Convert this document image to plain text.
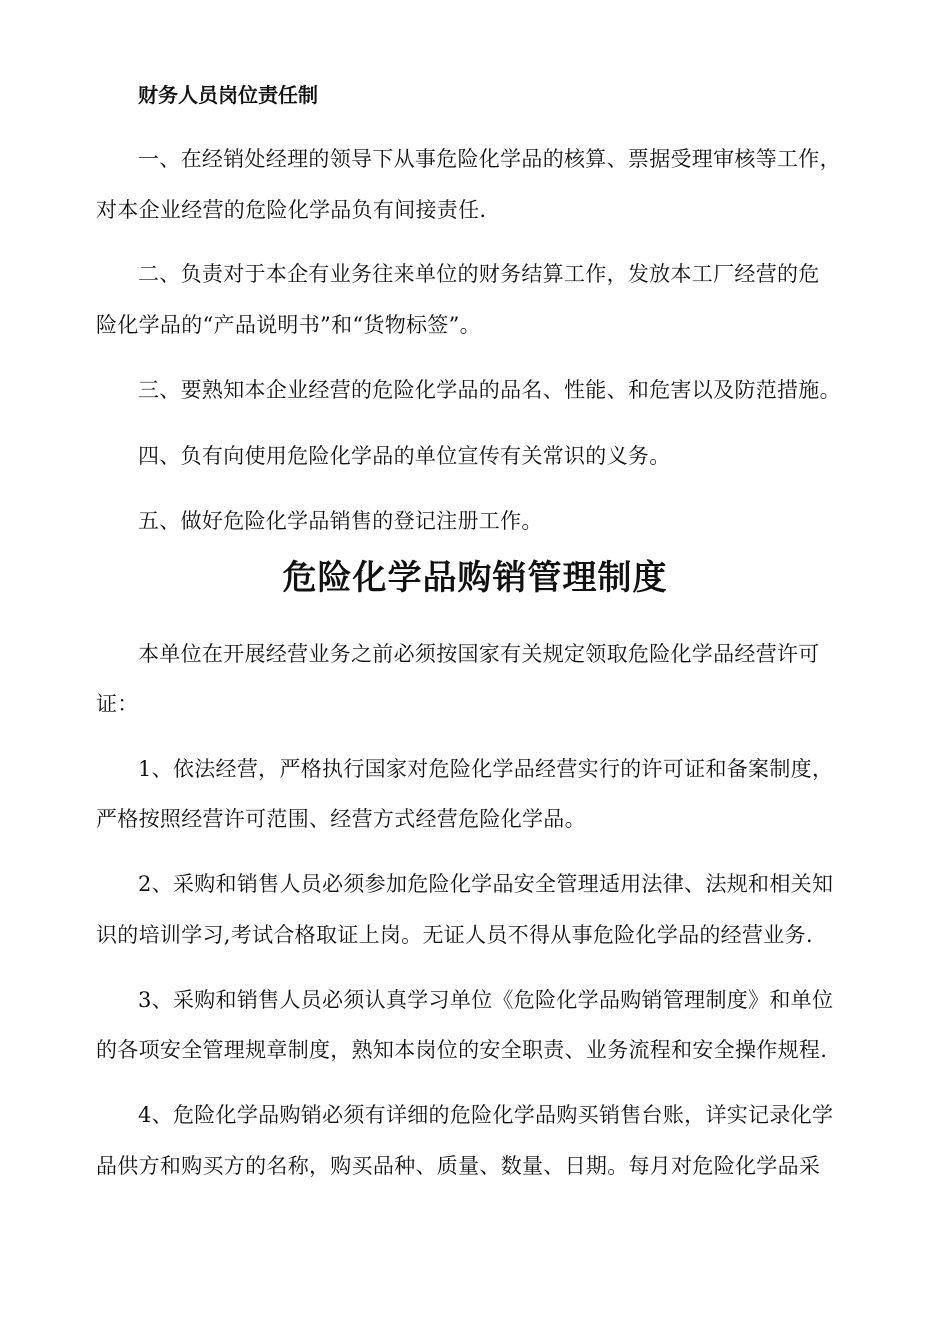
财务人员岗位责任制
一、在经销处经理的领导下从事危险化学品的核算、票据受理审核等工作，
对本企业经营的危险化学品负有间接责任.
二、负责对于本企有业务往来单位的财务结算工作，发放本工厂经营的危
险化学品的“产品说明书”和“货物标签”。
三、要熟知本企业经营的危险化学品的品名、性能、和危害以及防范措施。
四、负有向使用危险化学品的单位宣传有关常识的义务。
五、做好危险化学品销售的登记注册工作。
危险化学品购销管理制度
本单位在开展经营业务之前必须按国家有关规定领取危险化学品经营许可
证：
1、依法经营，严格执行国家对危险化学品经营实行的许可证和备案制度，
严格按照经营许可范围、经营方式经营危险化学品。
2、采购和销售人员必须参加危险化学品安全管理适用法律、法规和相关知
识的培训学习,考试合格取证上岗。无证人员不得从事危险化学品的经营业务.
3、采购和销售人员必须认真学习单位《危险化学品购销管理制度》和单位
的各项安全管理规章制度，熟知本岗位的安全职责、业务流程和安全操作规程.
4、危险化学品购销必须有详细的危险化学品购买销售台账，详实记录化学
品供方和购买方的名称，购买品种、质量、数量、日期。每月对危险化学品采
